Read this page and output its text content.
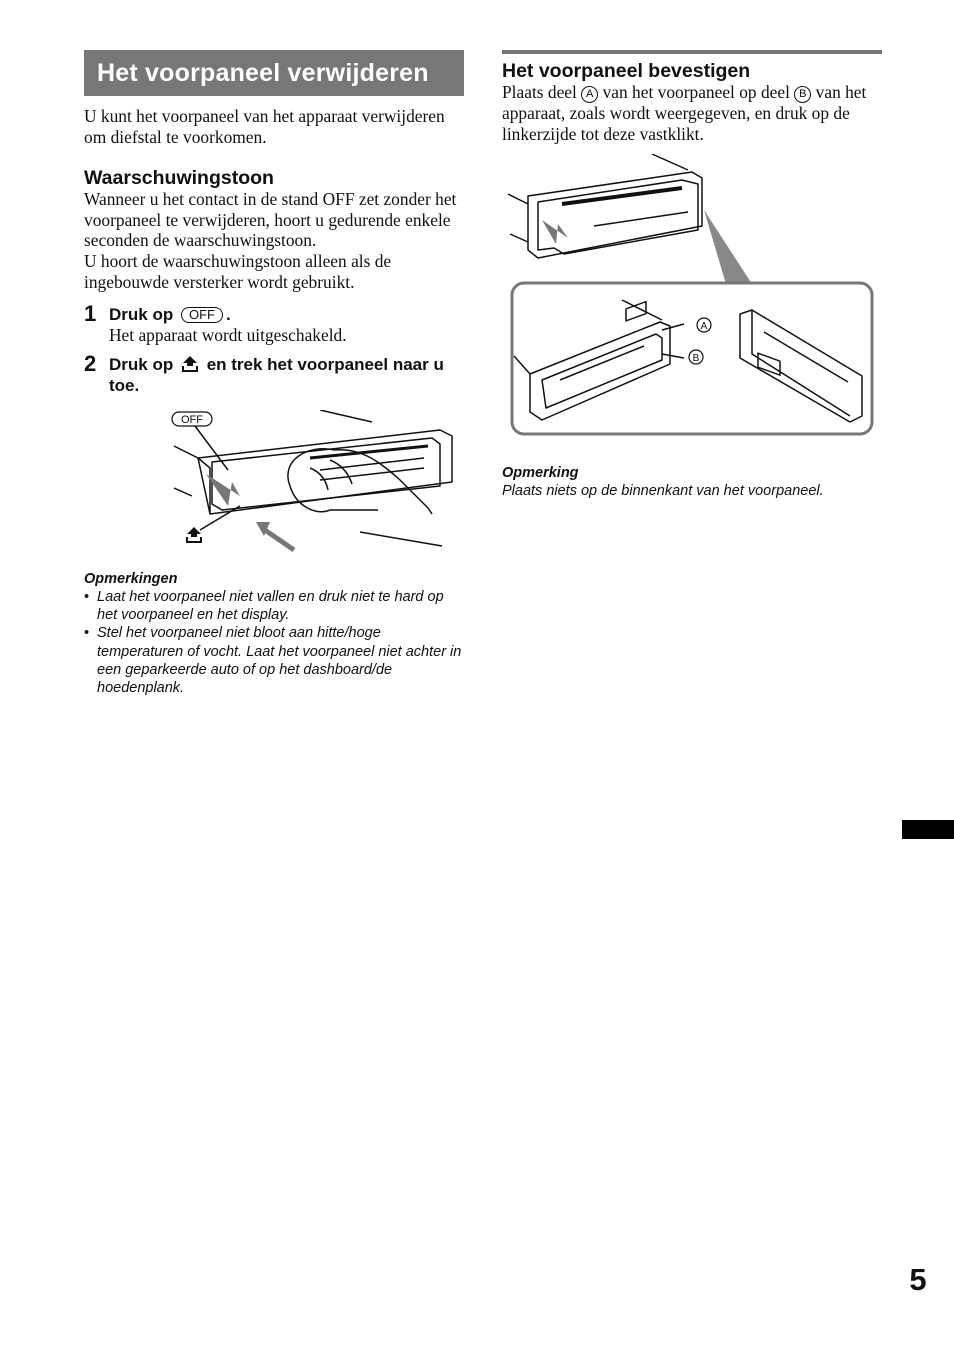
Het voorpaneel verwijderen

U kunt het voorpaneel van het apparaat verwijderen om diefstal te voorkomen.

Waarschuwingstoon

Wanneer u het contact in de stand OFF zet zonder het voorpaneel te verwijderen, hoort u gedurende enkele seconden de waarschuwingstoon.

U hoort de waarschuwingstoon alleen als de ingebouwde versterker wordt gebruikt.

1 Druk op OFF .

Het apparaat wordt uitgeschakeld.

2 Druk op en trek het voorpaneel naar u toe.
OFF
Opmerkingen
• Laat het voorpaneel niet vallen en druk niet te hard op het voorpaneel en het display.
• Stel het voorpaneel niet bloot aan hitte/hoge temperaturen of vocht. Laat het voorpaneel niet achter in een geparkeerde auto of op het dashboard/de hoedenplank.

Het voorpaneel bevestigen

Plaats deel A van het voorpaneel op deel B van het apparaat, zoals wordt weergegeven, en druk op de linkerzijde tot deze vastklikt.

A
B
Opmerking

Plaats niets op de binnenkant van het voorpaneel.

5
